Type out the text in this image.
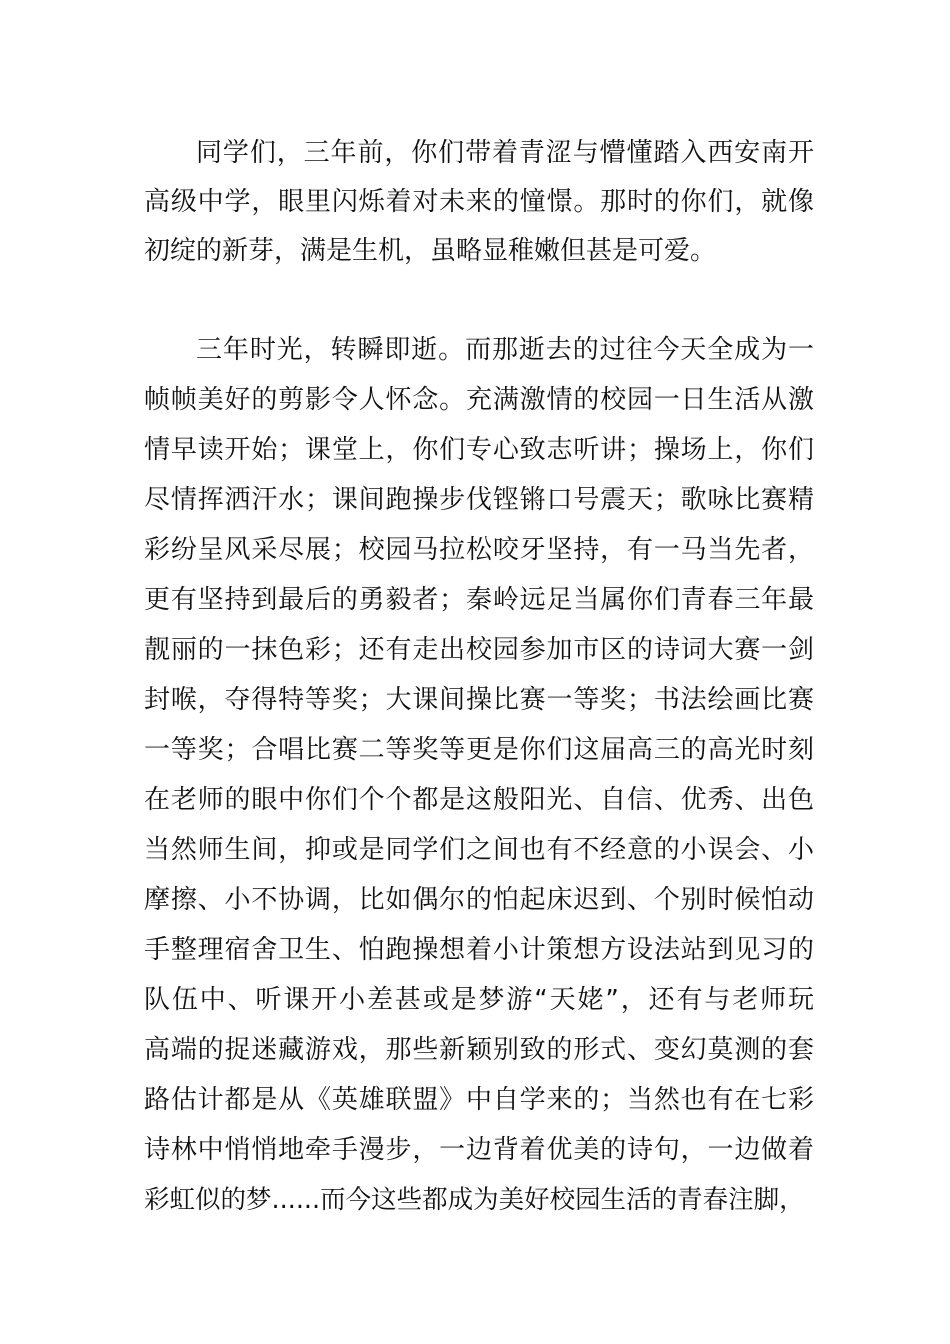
同学们，三年前，你们带着青涩与懵懂踏入西安南开
高级中学，眼里闪烁着对未来的憧憬。那时的你们，就像
初绽的新芽，满是生机，虽略显稚嫩但甚是可爱。
三年时光，转瞬即逝。而那逝去的过往今天全成为一
帧帧美好的剪影令人怀念。充满激情的校园一日生活从激
情早读开始；课堂上，你们专心致志听讲；操场上，你们
尽情挥洒汗水；课间跑操步伐铿锵口号震天；歌咏比赛精
彩纷呈风采尽展；校园马拉松咬牙坚持，有一马当先者，
更有坚持到最后的勇毅者；秦岭远足当属你们青春三年最
靓丽的一抹色彩；还有走出校园参加市区的诗词大赛一剑
封喉，夺得特等奖；大课间操比赛一等奖；书法绘画比赛
一等奖；合唱比赛二等奖等更是你们这届高三的高光时刻
在老师的眼中你们个个都是这般阳光、自信、优秀、出色
当然师生间，抑或是同学们之间也有不经意的小误会、小
摩擦、小不协调，比如偶尔的怕起床迟到、个别时候怕动
手整理宿舍卫生、怕跑操想着小计策想方设法站到见习的
队伍中、听课开小差甚或是梦游“天姥”，还有与老师玩
高端的捉迷藏游戏，那些新颖别致的形式、变幻莫测的套
路估计都是从《英雄联盟》中自学来的；当然也有在七彩
诗林中悄悄地牵手漫步，一边背着优美的诗句，一边做着
彩虹似的梦......而今这些都成为美好校园生活的青春注脚，
